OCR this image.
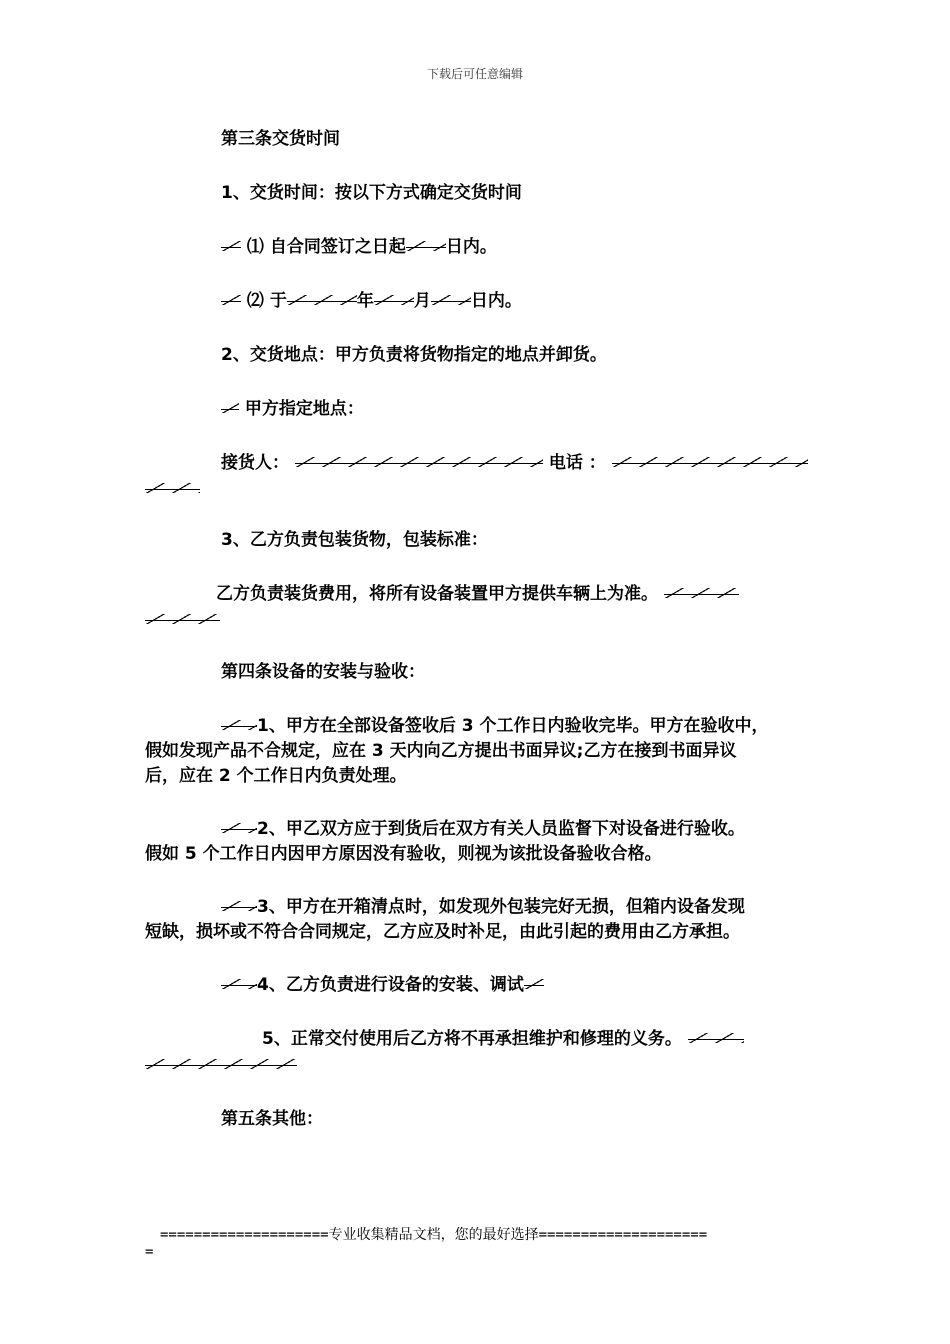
下载后可任意编辑
第三条交货时间
1、交货时间：按以下方式确定交货时间
⑴ 自合同签订之日起 日内。
⑵ 于	年 月 日内。
2、交货地点：甲方负责将货物指定的地点并卸货。
甲方指定地点：
接货人：	电话 ：
3、乙方负责包装货物，包装标准：
乙方负责装货费用，将所有设备装置甲方提供车辆上为准。
第四条设备的安装与验收：
1、甲方在全部设备签收后 3 个工作日内验收完毕。甲方在验收中，
假如发现产品不合规定，应在 3 天内向乙方提出书面异议;乙方在接到书面异议
后，应在 2 个工作日内负责处理。
2、甲乙双方应于到货后在双方有关人员监督下对设备进行验收。
假如 5 个工作日内因甲方原因没有验收，则视为该批设备验收合格。
3、甲方在开箱清点时，如发现外包装完好无损，但箱内设备发现
短缺，损坏或不符合合同规定，乙方应及时补足，由此引起的费用由乙方承担。
4、乙方负责进行设备的安装、调试
5、正常交付使用后乙方将不再承担维护和修理的义务。
第五条其他：
====================专业收集精品文档，您的最好选择====================
=
